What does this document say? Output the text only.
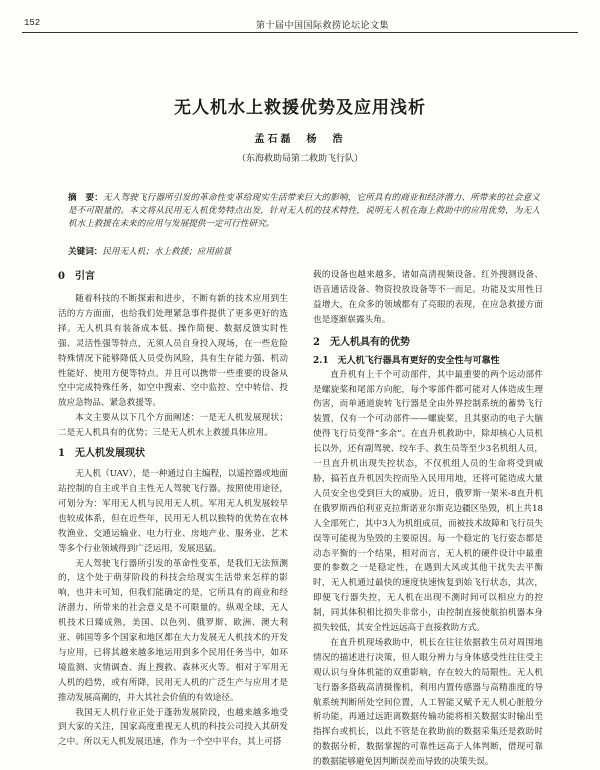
152	第十届中国国际救捞论坛论文集
无人机水上救援优势及应用浅析
孟石磊　杨　浩
（东海救助局第二救助飞行队）
摘　要：无人驾驶飞行器所引发的革命性变革给现实生活带来巨大的影响，它所具有的商业和经济潜力、所带来的社会意义是不可限量的。本文将从民用无人机优势特点出发，针对无人机的技术特性，说明无人机在海上救助中的应用优势，为无人机水上救援在未来的应用与发展提供一定可行性研究。
关键词：民用无人机；水上救援；应用前景
0　引言

随着科技的不断探索和进步，不断有新的技术应用到生活的方方面面，也给我们处理紧急事件提供了更多更好的选择。无人机具有装备成本低、操作简便、数据反馈实时性强、灵活性强等特点，无须人员自身投入现场，在一些危险特殊情况下能够降低人员受伤风险，具有生存能力强、机动性能好、使用方便等特点。并且可以携带一些重要的设备从空中完成特殊任务，如空中搜索、空中监控、空中转信、投放应急物品、紧急救援等。

本文主要从以下几个方面阐述：一是无人机发展现状；二是无人机具有的优势；三是无人机水上救援具体应用。

1　无人机发展现状

无人机（UAV），是一种通过自主编程，以遥控器或地面站控制的自主或半自主性无人驾驶飞行器。按照使用途径，可划分为：军用无人机与民用无人机。军用无人机发展较早也较成体系，但在近些年，民用无人机以独特的优势在农林牧渔业、交通运输业、电力行业、房地产业、服务业、艺术等多个行业领域得到广泛运用，发展迅猛。

无人驾驶飞行器所引发的革命性变革，是我们无法预测的，这个处于萌芽阶段的科技会给现实生活带来怎样的影响，也并未可知，但我们能确定的是，它所具有的商业和经济潜力、所带来的社会意义是不可限量的。纵观全球，无人机技术日臻成熟，美国、以色列、俄罗斯、欧洲、澳大利亚、韩国等多个国家和地区都在大力发展无人机技术的开发与应用，已将其越来越多地运用到多个民用任务当中，如环境监测、灾情调查、海上搜救、森林灭火等。相对于军用无人机的趋势，或有所降，民用无人机的广泛生产与应用才是推动发展高潮的，并大其社会价值的有效途径。

我国无人机行业正处于蓬勃发展阶段，也越来越多地受到大家的关注，国家高度重视无人机的科技公司投入其研发之中。所以无人机发展迅速，作为一个空中平台，其上可搭

载的设备也越来越多，诸如高清视频设备、红外搜测设备、语音通话设备、物资投放设备等不一而足。功能及实用性日益增大，在众多的领域都有了亮眼的表现，在应急救援方面也是逐渐崭露头角。

2　无人机具有的优势
2.1　无人机飞行器具有更好的安全性与可靠性

直升机有上千个可动部件，其中最重要的两个运动部件是螺旋桨和尾部方向舵，每个零部件都可能对人体造成生理伤害，而单通道旋转飞行器是全由外界控制系统的蓄势飞行装置，仅有一个可动部件——螺旋桨，且其驱动的电子大脑使得飞行员变得“多余”。在直升机救助中，除却核心人员机长以外，还有副驾驶、绞车手、救生员等至少3名机组人员，一旦直升机出现失控状态，不仅机组人员的生命将受到威胁，搞若直升机因失控而坠入民用用地，还将可能造成大量人员安全也受到巨大的威胁。近日，俄罗斯一架米-8直升机在俄罗斯西伯利亚克拉斯诺亚尔斯克边疆区坠毁，机上共18人全部死亡，其中3人为机组成员，而被技术故障和飞行员失误等可能视为坠毁的主要原因。每一个稳定的飞行姿态都是动态平衡的一个结果，相对而言，无人机的硬件设计中最重要的参数之一是稳定性，在遇到大风或其他干扰失去平衡时，无人机通过最快的速度快速恢复到始飞行状态，其次，即便飞行器失控，无人机在出现不测时间可以相应力的控制，同其体积相比损失非常小，由控制直接使航拍机器本身损失较低，其安全性远远高于直接救助方式。

在直升机现场救助中，机长在往往依据救生员对周围地情况的描述进行决策，但人眼分辨力与身体感受性往往受主观认识与身体机能的双重影响，存在较大的局限性。无人机飞行器多搭载高清摄像机，利用内置传感器与高精准度的导航系统判断所处空间位置，人工智能又赋予无人机心脏般分析功能，再通过远距离数据传输功能将相关数据实时输出至指挥台或机长，以此不管是在救助前的数据采集还是救助时的数据分析，数据掌握的可靠性远高于人体判断，借现可靠的数据能够避免因判断误差而导致的决策失误。
